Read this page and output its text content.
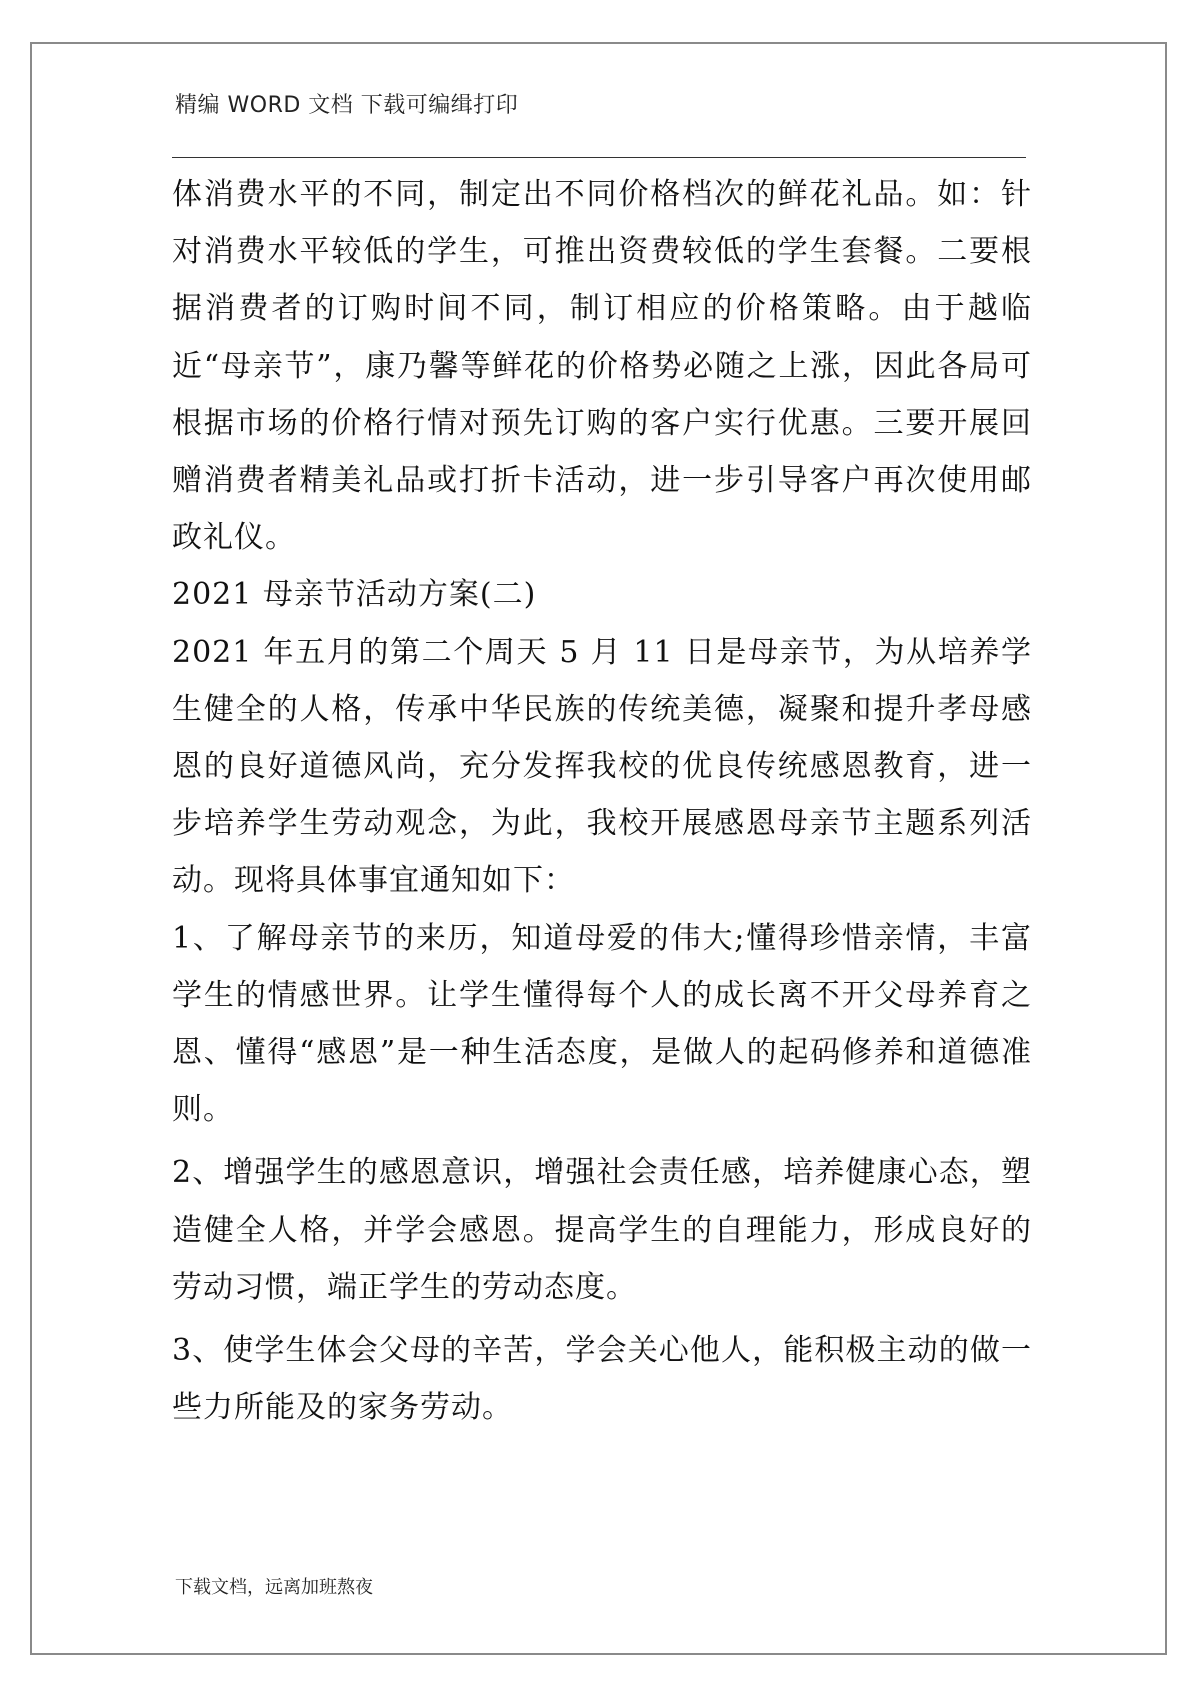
精编 WORD 文档 下载可编缉打印

体消费水平的不同，制定出不同价格档次的鲜花礼品。如：针对消费水平较低的学生，可推出资费较低的学生套餐。二要根据消费者的订购时间不同，制订相应的价格策略。由于越临近“母亲节”，康乃馨等鲜花的价格势必随之上涨，因此各局可根据市场的价格行情对预先订购的客户实行优惠。三要开展回赠消费者精美礼品或打折卡活动，进一步引导客户再次使用邮政礼仪。

2021 母亲节活动方案(二)

2021 年五月的第二个周天 5 月 11 日是母亲节，为从培养学生健全的人格，传承中华民族的传统美德，凝聚和提升孝母感恩的良好道德风尚，充分发挥我校的优良传统感恩教育，进一步培养学生劳动观念，为此，我校开展感恩母亲节主题系列活动。现将具体事宜通知如下：

1、了解母亲节的来历，知道母爱的伟大;懂得珍惜亲情，丰富学生的情感世界。让学生懂得每个人的成长离不开父母养育之恩、懂得“感恩”是一种生活态度，是做人的起码修养和道德准则。

2、增强学生的感恩意识，增强社会责任感，培养健康心态，塑造健全人格，并学会感恩。提高学生的自理能力，形成良好的劳动习惯，端正学生的劳动态度。

3、使学生体会父母的辛苦，学会关心他人，能积极主动的做一些力所能及的家务劳动。

下载文档，远离加班熬夜
